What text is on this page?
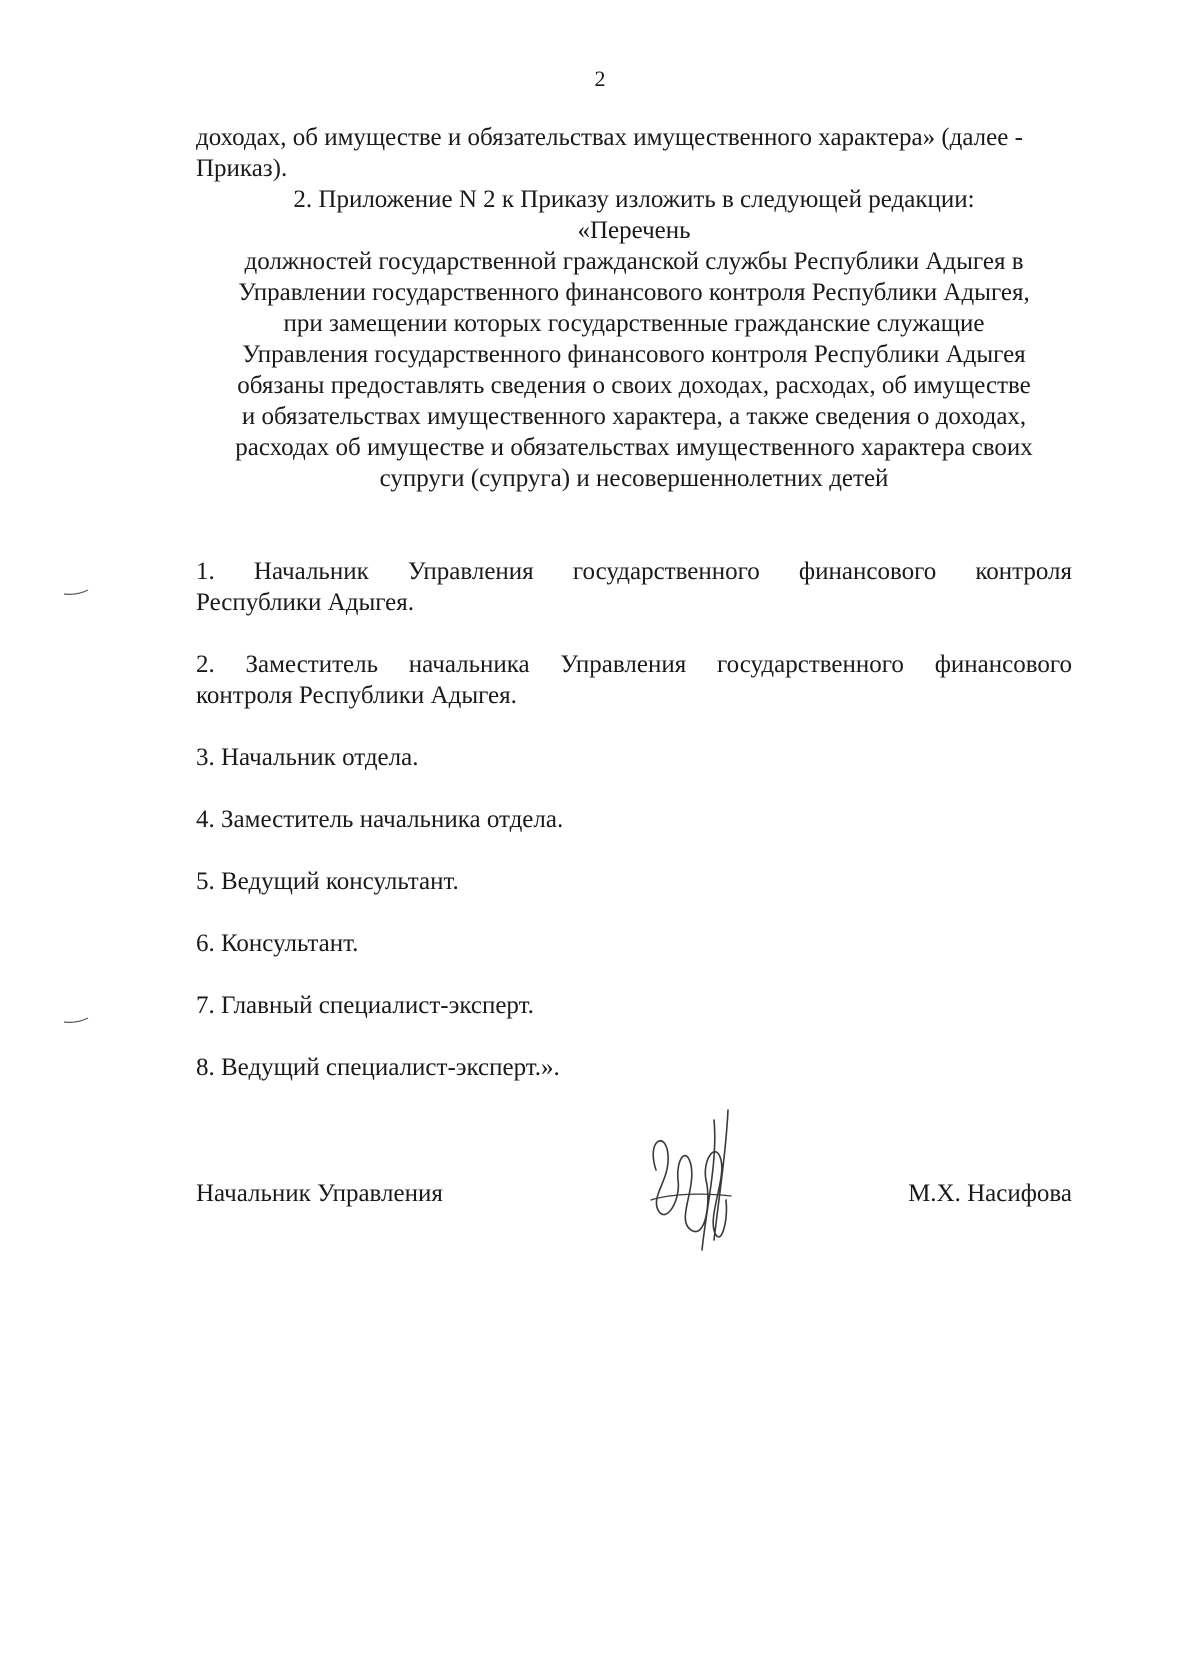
2

доходах, об имуществе и обязательствах имущественного характера» (далее - Приказ).

2. Приложение N 2 к Приказу изложить в следующей редакции:

«Перечень

должностей государственной гражданской службы Республики Адыгея в

Управлении государственного финансового контроля Республики Адыгея,

при замещении которых государственные гражданские служащие

Управления государственного финансового контроля Республики Адыгея

обязаны предоставлять сведения о своих доходах, расходах, об имуществе

и обязательствах имущественного характера, а также сведения о доходах,

расходах об имуществе и обязательствах имущественного характера своих

супруги (супруга) и несовершеннолетних детей

1. Начальник Управления государственного финансового контроля
Республики Адыгея.
2. Заместитель начальника Управления государственного финансового
контроля Республики Адыгея.
3. Начальник отдела.
4. Заместитель начальника отдела.
5. Ведущий консультант.
6. Консультант.
7. Главный специалист-эксперт.
8. Ведущий специалист-эксперт.».
Начальник Управления	М.Х. Насифова
